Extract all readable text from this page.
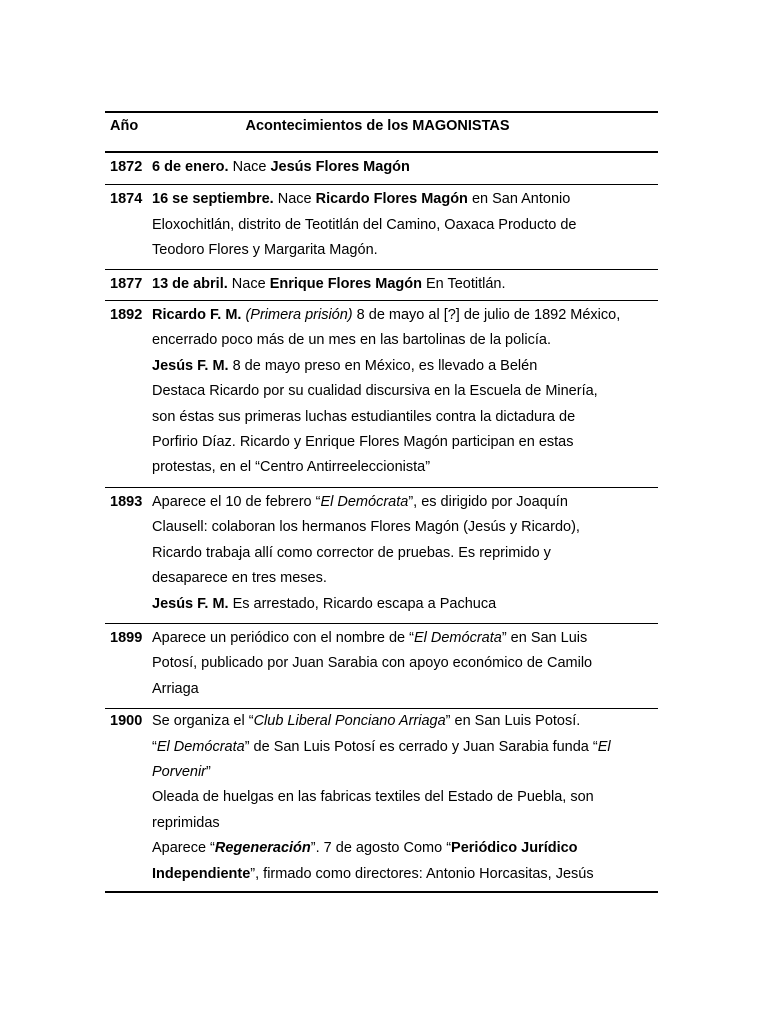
Año	Acontecimientos de los MAGONISTAS
1872 6 de enero. Nace Jesús Flores Magón
1874 16 se septiembre. Nace Ricardo Flores Magón en San Antonio
Eloxochitlán, distrito de Teotitlán del Camino, Oaxaca Producto de
Teodoro Flores y Margarita Magón.
1877 13 de abril. Nace Enrique Flores Magón En Teotitlán.
1892 Ricardo F. M. (Primera prisión) 8 de mayo al [?] de julio de 1892 México,
encerrado poco más de un mes en las bartolinas de la policía.
Jesús F. M. 8 de mayo preso en México, es llevado a Belén
Destaca Ricardo por su cualidad discursiva en la Escuela de Minería,
son éstas sus primeras luchas estudiantiles contra la dictadura de
Porfirio Díaz. Ricardo y Enrique Flores Magón participan en estas
protestas, en el “Centro Antirreeleccionista”
1893 Aparece el 10 de febrero “El Demócrata”, es dirigido por Joaquín
Clausell: colaboran los hermanos Flores Magón (Jesús y Ricardo),
Ricardo trabaja allí como corrector de pruebas. Es reprimido y
desaparece en tres meses.
Jesús F. M. Es arrestado, Ricardo escapa a Pachuca
1899 Aparece un periódico con el nombre de “El Demócrata” en San Luis
Potosí, publicado por Juan Sarabia con apoyo económico de Camilo
Arriaga
1900 Se organiza el “Club Liberal Ponciano Arriaga” en San Luis Potosí.
“El Demócrata” de San Luis Potosí es cerrado y Juan Sarabia funda “El
Porvenir”
Oleada de huelgas en las fabricas textiles del Estado de Puebla, son
reprimidas
Aparece “Regeneración”. 7 de agosto Como “Periódico Jurídico
Independiente”, firmado como directores: Antonio Horcasitas, Jesús
